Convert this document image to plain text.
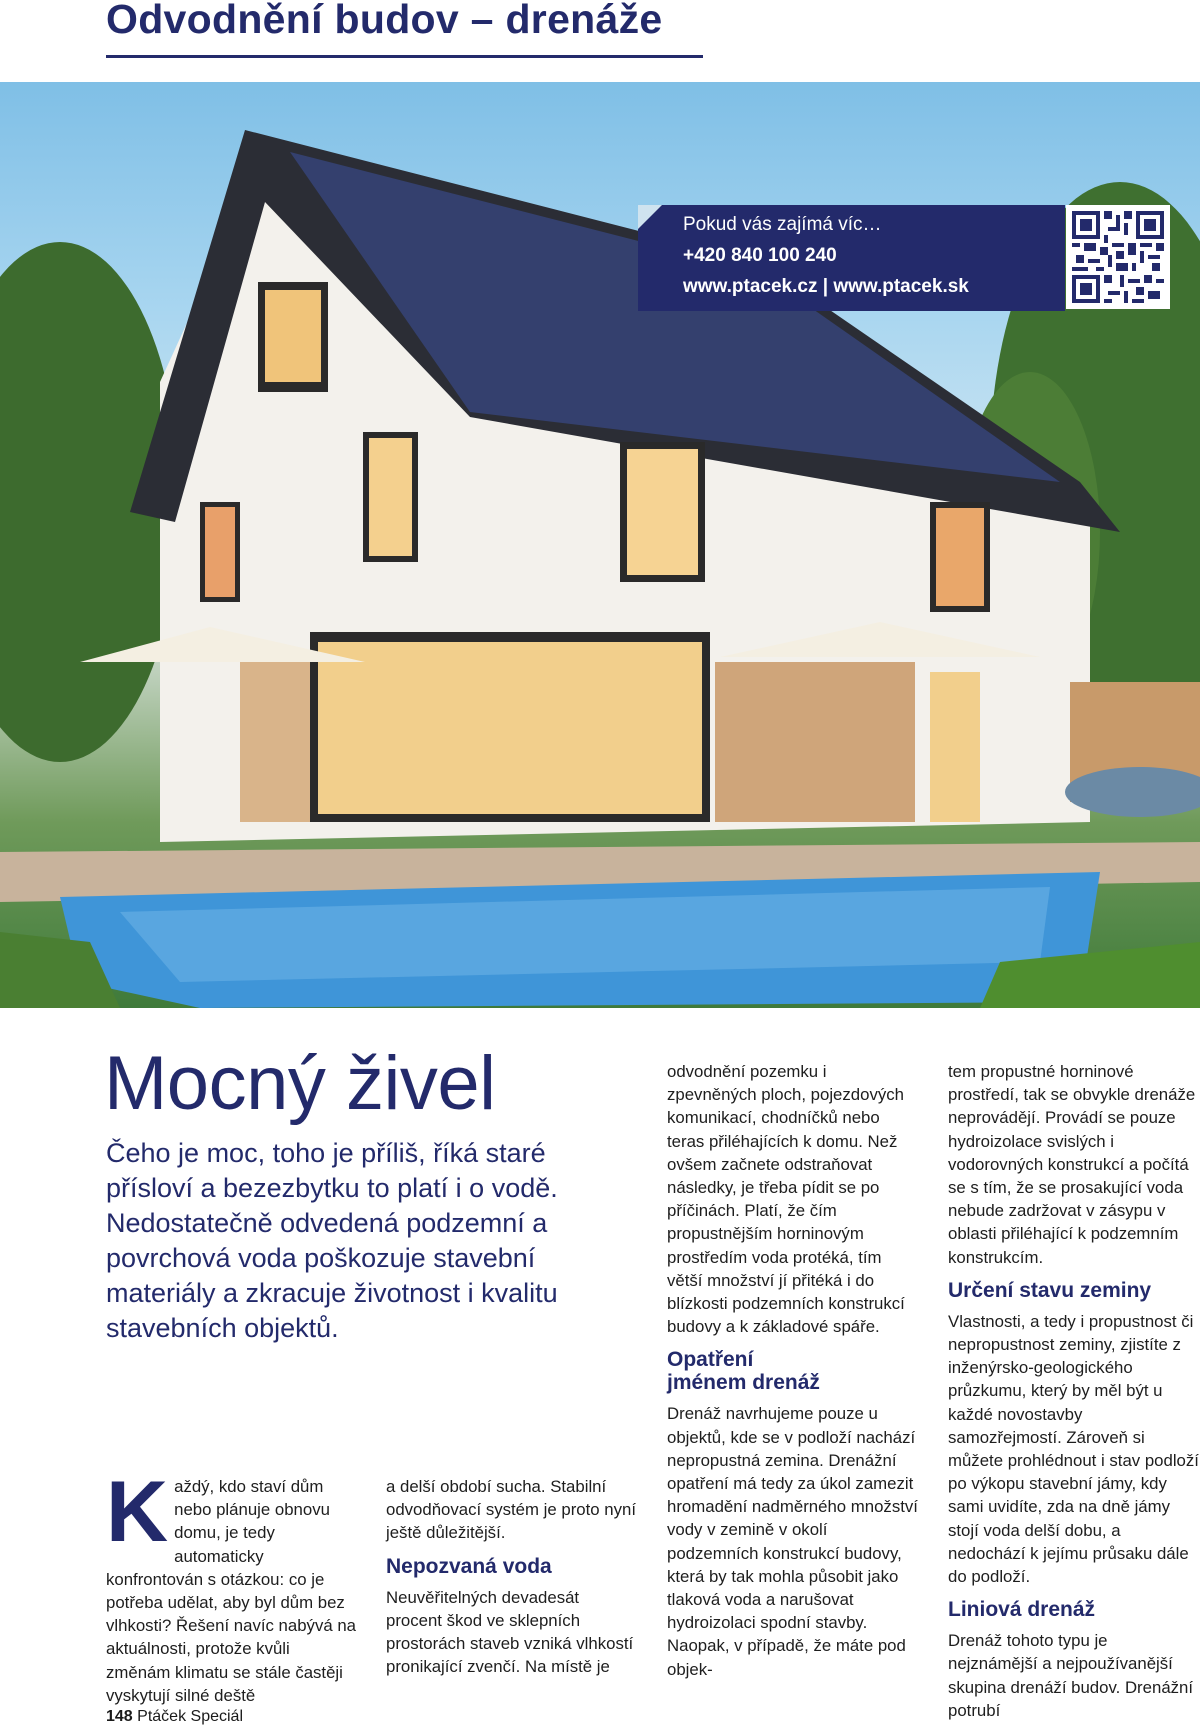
Odvodnění budov – drenáže
Pokud vás zajímá víc…
+420 840 100 240
www.ptacek.cz | www.ptacek.sk
Mocný živel
Čeho je moc, toho je příliš, říká staré přísloví a bezezbytku to platí i o vodě. Nedostatečně odvedená podzemní a povrchová voda poškozuje stavební materiály a zkracuje životnost i kvalitu stavebních objektů.
K aždý, kdo staví dům nebo plánuje obnovu domu, je tedy automaticky konfrontován s otázkou: co je potřeba udělat, aby byl dům bez vlhkosti? Řešení navíc nabývá na aktuálnosti, protože kvůli změnám klimatu se stále častěji vyskytují silné deště

a delší období sucha. Stabilní odvodňovací systém je proto nyní ještě důležitější.

Nepozvaná voda

Neuvěřitelných devadesát procent škod ve sklepních prostorách staveb vzniká vlhkostí pronikající zvenčí. Na místě je

odvodnění pozemku i zpevněných ploch, pojezdových komunikací, chodníčků nebo teras přiléhajících k domu. Než ovšem začnete odstraňovat následky, je třeba pídit se po příčinách. Platí, že čím propustnějším horninovým prostředím voda protéká, tím větší množství jí přitéká i do blízkosti podzemních konstrukcí budovy a k základové spáře.

Opatření jménem drenáž

Drenáž navrhujeme pouze u objektů, kde se v podloží nachází nepropustná zemina. Drenážní opatření má tedy za úkol zamezit hromadění nadměrného množství vody v zemině v okolí podzemních konstrukcí budovy, která by tak mohla působit jako tlaková voda a narušovat hydroizolaci spodní stavby. Naopak, v případě, že máte pod objek-

tem propustné horninové prostředí, tak se obvykle drenáže neprovádějí. Provádí se pouze hydroizolace svislých i vodorovných konstrukcí a počítá se s tím, že se prosakující voda nebude zadržovat v zásypu v oblasti přiléhající k podzemním konstrukcím.

Určení stavu zeminy

Vlastnosti, a tedy i propustnost či nepropustnost zeminy, zjistíte z inženýrsko-geologického průzkumu, který by měl být u každé novostavby samozřejmostí. Zároveň si můžete prohlédnout i stav podloží po výkopu stavební jámy, kdy sami uvidíte, zda na dně jámy stojí voda delší dobu, a nedochází k jejímu průsaku dále do podloží.

Liniová drenáž

Drenáž tohoto typu je nejznámější a nejpoužívanější skupina drenáží budov. Drenážní potrubí

148 Ptáček Speciál
